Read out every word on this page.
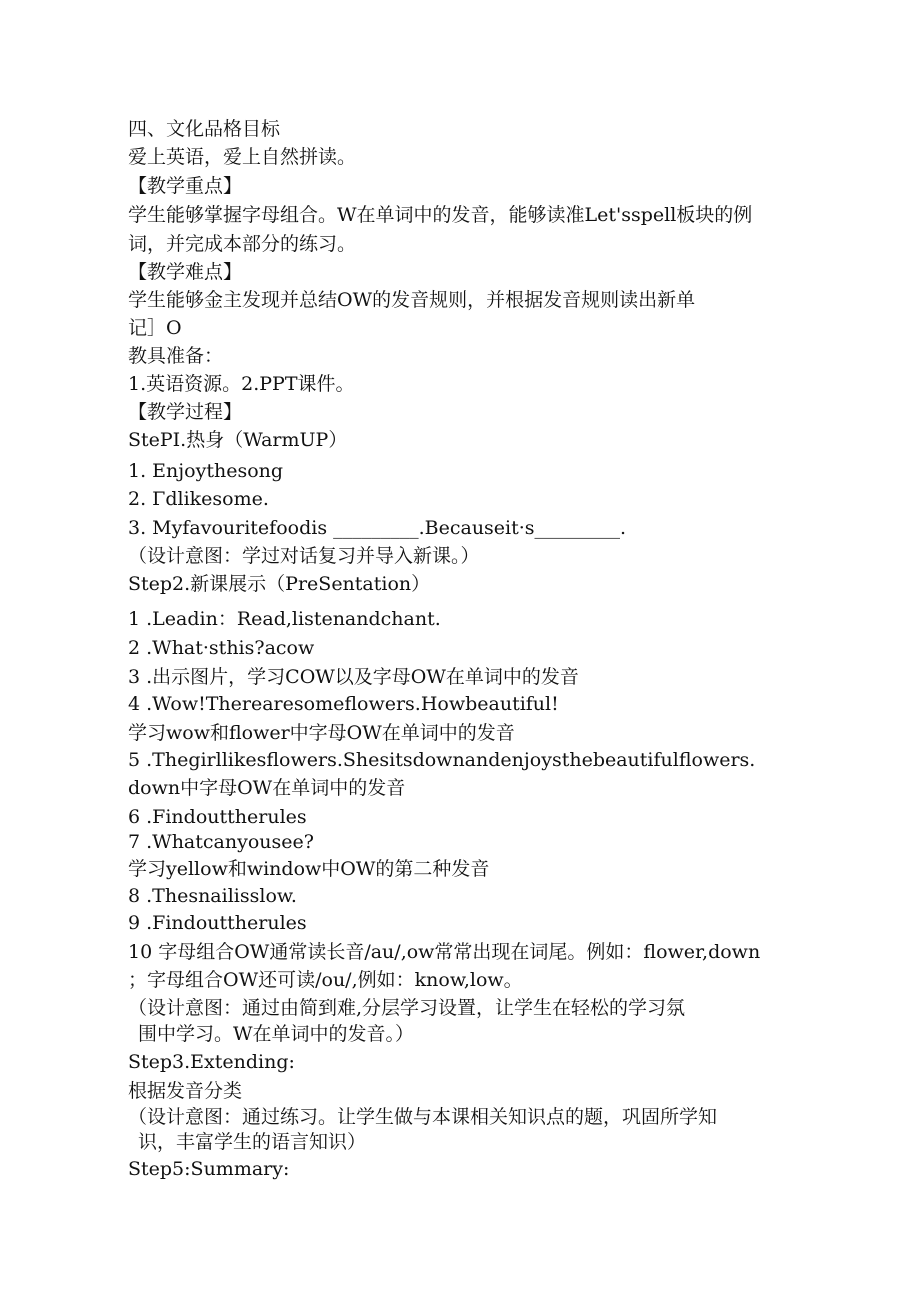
四、文化品格目标
爱上英语，爱上自然拼读。
【教学重点】
学生能够掌握字母组合。W在单词中的发音，能够读准Let'sspell板块的例
词，并完成本部分的练习。
【教学难点】
学生能够金主发现并总结OW的发音规则，并根据发音规则读出新单
记］O
教具准备：
1.英语资源。2.PPT课件。
【教学过程】
StePI.热身（WarmUP）
1. Enjoythesong
2. Γdlikesome.
3. Myfavouritefoodis _________.Becauseit·s_________.
（设计意图：学过对话复习并导入新课。）
Step2.新课展示（PreSentation）
1 .Leadin：Read,listenandchant.
2 .What·sthis?acow
3 .出示图片，学习COW以及字母OW在单词中的发音
4 .Wow!Therearesomeflowers.Howbeautiful!
学习wow和flower中字母OW在单词中的发音
5 .Thegirllikesflowers.Shesitsdownandenjoysthebeautifulflowers.
down中字母OW在单词中的发音
6 .Findouttherules
7 .Whatcanyousee?
学习yellow和window中OW的第二种发音
8 .Thesnailisslow.
9 .Findouttherules
10 字母组合OW通常读长音/au/,ow常常出现在词尾。例如：flower,down
；字母组合OW还可读/ou/,例如：know,low。
（设计意图：通过由简到难,分层学习设置，让学生在轻松的学习氛
围中学习。W在单词中的发音。）
Step3.Extending:
根据发音分类
（设计意图：通过练习。让学生做与本课相关知识点的题，巩固所学知
识，丰富学生的语言知识）
Step5:Summary:
